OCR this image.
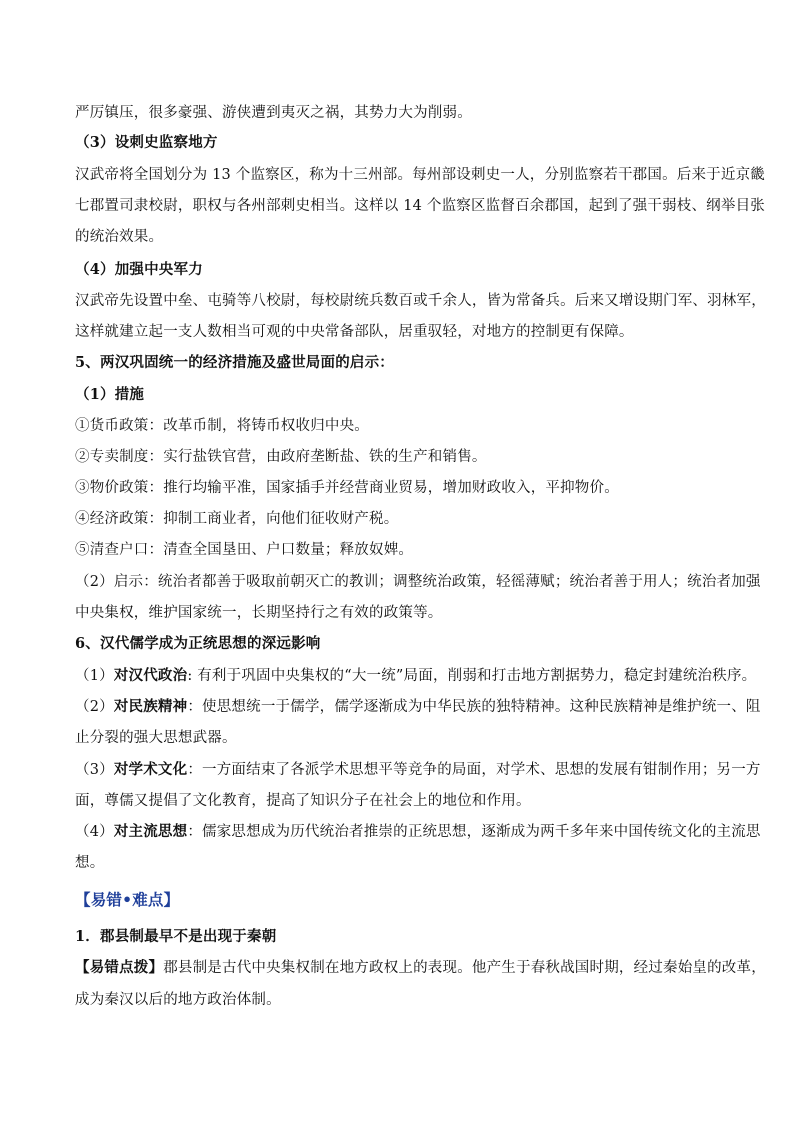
严厉镇压，很多豪强、游侠遭到夷灭之祸，其势力大为削弱。
（3）设刺史监察地方
汉武帝将全国划分为 13 个监察区，称为十三州部。每州部设刺史一人，分别监察若干郡国。后来于近京畿
七郡置司隶校尉，职权与各州部刺史相当。这样以 14 个监察区监督百余郡国，起到了强干弱枝、纲举目张
的统治效果。
（4）加强中央军力
汉武帝先设置中垒、屯骑等八校尉，每校尉统兵数百或千余人，皆为常备兵。后来又增设期门军、羽林军，
这样就建立起一支人数相当可观的中央常备部队，居重驭轻，对地方的控制更有保障。
5、两汉巩固统一的经济措施及盛世局面的启示：
（1）措施
①货币政策：改革币制，将铸币权收归中央。
②专卖制度：实行盐铁官营，由政府垄断盐、铁的生产和销售。
③物价政策：推行均输平准，国家插手并经营商业贸易，增加财政收入，平抑物价。
④经济政策：抑制工商业者，向他们征收财产税。
⑤清查户口：清查全国垦田、户口数量；释放奴婢。
（2）启示：统治者都善于吸取前朝灭亡的教训；调整统治政策，轻徭薄赋；统治者善于用人；统治者加强
中央集权，维护国家统一，长期坚持行之有效的政策等。
6、汉代儒学成为正统思想的深远影响
（1）对汉代政治: 有利于巩固中央集权的“大一统”局面，削弱和打击地方割据势力，稳定封建统治秩序。
（2）对民族精神：使思想统一于儒学，儒学逐渐成为中华民族的独特精神。这种民族精神是维护统一、阻
止分裂的强大思想武器。
（3）对学术文化：一方面结束了各派学术思想平等竞争的局面，对学术、思想的发展有钳制作用；另一方
面，尊儒又提倡了文化教育，提高了知识分子在社会上的地位和作用。
（4）对主流思想：儒家思想成为历代统治者推崇的正统思想，逐渐成为两千多年来中国传统文化的主流思
想。
【易错•难点】
1．郡县制最早不是出现于秦朝
【易错点拨】郡县制是古代中央集权制在地方政权上的表现。他产生于春秋战国时期，经过秦始皇的改革，
成为秦汉以后的地方政治体制。
